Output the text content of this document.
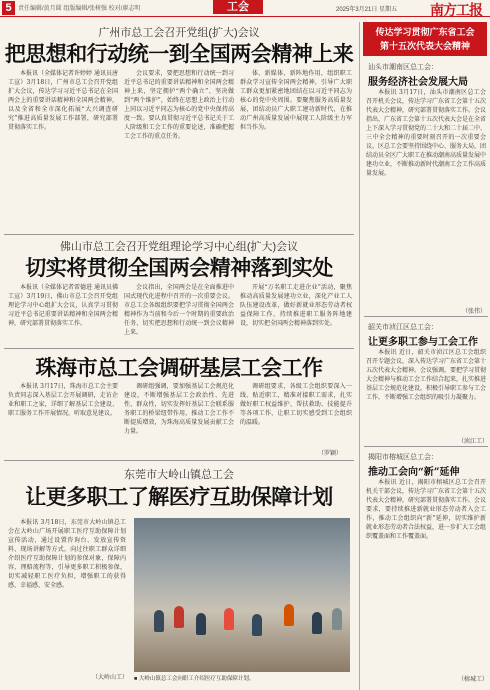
5	责任编辑/黄月圆 组版编辑/张树强 校对/廖志明	工会	2025年3月21日 星期五 南方工报
广州市总工会召开党组(扩大)会议
把思想和行动统一到全国两会精神上来
本报讯（全媒体记者许婷婷 通讯员唐工宣）3月18日，广州市总工会召开党组扩大会议，传达学习习近平总书记在全国两会上的重要讲话精神和全国两会精神，以及全省和全市深化拓展“大兴调查研究”推进高质量发展工作部署，研究部署贯彻落实工作。
会议要求，要把思想和行动统一到习近平总书记的重要讲话精神和全国两会精神上来，坚定拥护“两个确立”、坚决做到“两个维护”，始终在思想上政治上行动上同以习近平同志为核心的党中央保持高度一致。要认真贯彻习近平总书记关于工人阶级和工会工作的重要论述，准确把握工会工作的重点任务。
体、新媒体、新阵地作用，组织职工群众学习宣传全国两会精神，引导广大职工群众更加紧密地团结在以习近平同志为核心的党中央周围。要聚焦服务高质量发展，团结动员广大职工建功新时代，在推动广州高质量发展中展现工人阶级主力军担当作为。
佛山市总工会召开党组理论学习中心组(扩大)会议
切实将贯彻全国两会精神落到实处
本报讯（全媒体记者雷德进 通讯员佛工宣）3月19日，佛山市总工会召开党组理论学习中心组扩大会议，认真学习贯彻习近平总书记重要讲话精神和全国两会精神，研究部署贯彻落实工作。
会议指出，全国两会是在全面推进中国式现代化进程中召开的一次重要会议。市总工会各级组织要把学习贯彻全国两会精神作为当前和今后一个时期的重要政治任务，切实把思想和行动统一到会议精神上来。
开展“万名职工走进企业”活动，聚焦推动高质量发展建功立业，深化产业工人队伍建设改革，做好新就业形态劳动者权益保障工作，持续推进职工服务阵地建设，切实把全国两会精神落到实处。
珠海市总工会调研基层工会工作
本报讯 3月17日，珠海市总工会主要负责同志深入基层工会开展调研，走访企业和职工之家，详细了解基层工会建设、职工服务工作开展情况，听取意见建议。
调研组强调，要加强基层工会规范化建设，不断增强基层工会政治性、先进性、群众性，切实发挥好基层工会联系服务职工的桥梁纽带作用，推动工会工作不断提质增效，为珠海高质量发展贡献工会力量。
调研组要求，各级工会组织要深入一线、贴近职工，精准对接职工需求，扎实做好职工权益维护、帮扶救助、技能提升等各项工作，让职工切实感受到工会组织的温暖。
（罗颖）
东莞市大岭山镇总工会
让更多职工了解医疗互助保障计划
本报讯 3月18日，东莞市大岭山镇总工会在大岭山广场开展职工医疗互助保障计划宣传活动，通过设置咨询台、发放宣传资料、现场讲解等方式，向过往职工群众详细介绍医疗互助保障计划的参保对象、保障内容、理赔流程等，引导更多职工积极参保，切实减轻职工医疗负担，增强职工的获得感、幸福感、安全感。
（大岭山工） ■ 大岭山镇总工会向职工介绍医疗互助保障计划。
传达学习贯彻广东省工会
第十五次代表大会精神
汕头市潮南区总工会：
服务经济社会发展大局
本报讯 3月17日，汕头市潮南区总工会召开机关会议，传达学习广东省工会第十五次代表大会精神，研究部署贯彻落实工作。会议指出，广东省工会第十五次代表大会是在全省上下深入学习贯彻党的二十大和二十届二中、三中全会精神的重要时刻召开的一次重要会议。区总工会要坚持围绕中心、服务大局，团结动员全区广大职工在推动潮南高质量发展中建功立业，不断推动新时代潮南工会工作高质量发展。
（张伟）
韶关市浈江区总工会：
让更多职工参与工会工作
本报讯 近日，韶关市浈江区总工会组织召开专题会议，深入传达学习广东省工会第十五次代表大会精神。会议强调，要把学习贯彻大会精神与推动工会工作结合起来，扎实推进基层工会规范化建设，积极引导职工参与工会工作，不断增强工会组织的吸引力凝聚力。
（浈江工）
揭阳市榕城区总工会：
推动工会向“新”延伸
本报讯 近日，揭阳市榕城区总工会召开机关干部会议，传达学习广东省工会第十五次代表大会精神，研究部署贯彻落实工作。会议要求，要持续推进新就业形态劳动者入会工作，推动工会组织向“新”延伸，切实维护新就业形态劳动者合法权益，进一步扩大工会组织覆盖面和工作覆盖面。
（榕城工）
